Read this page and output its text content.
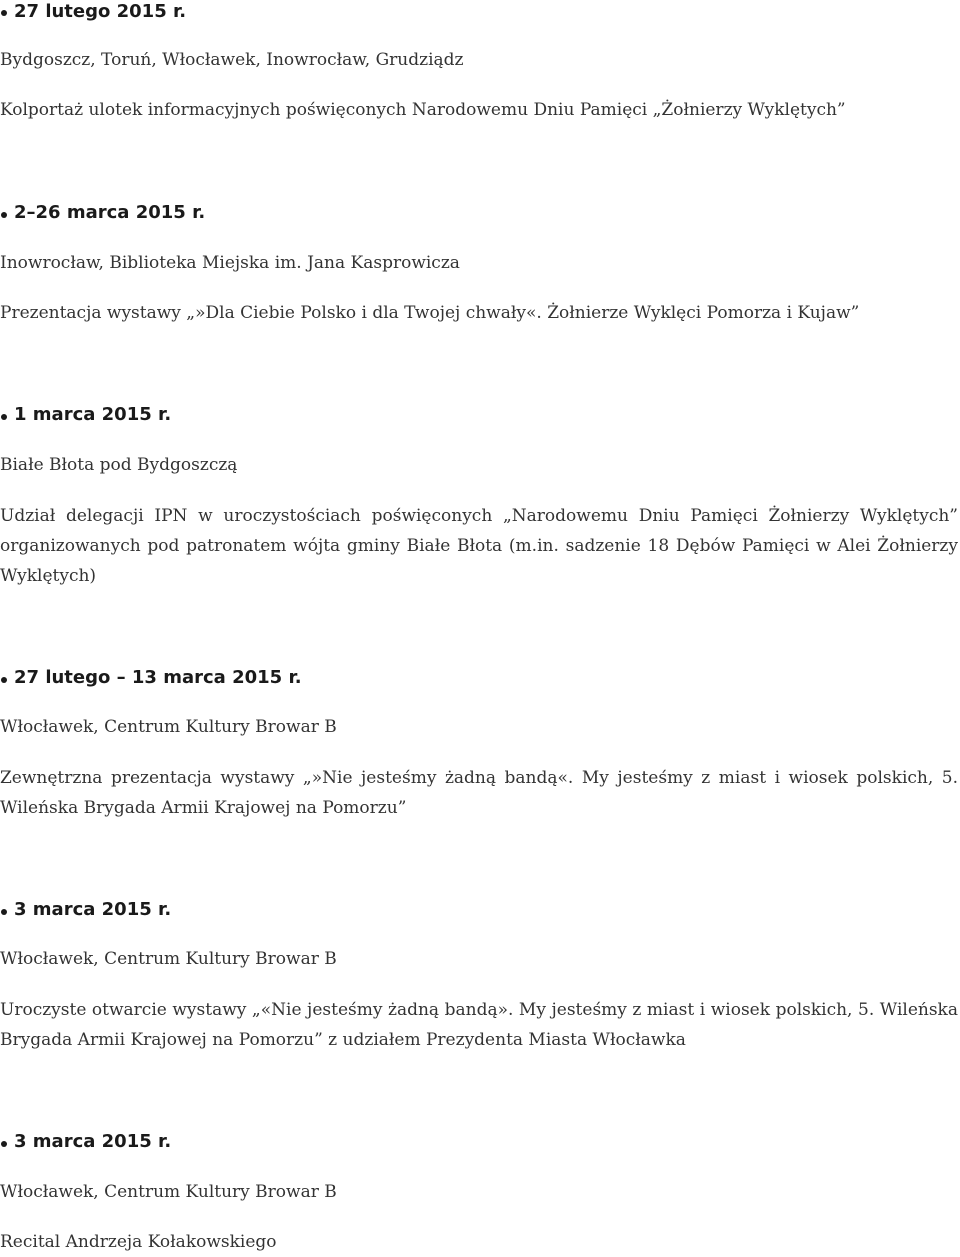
27 lutego 2015 r.
Bydgoszcz, Toruń, Włocławek, Inowrocław, Grudziądz
Kolportaż ulotek informacyjnych poświęconych Narodowemu Dniu Pamięci „Żołnierzy Wyklętych”
2–26 marca 2015 r.
Inowrocław, Biblioteka Miejska im. Jana Kasprowicza
Prezentacja wystawy „»Dla Ciebie Polsko i dla Twojej chwały«. Żołnierze Wyklęci Pomorza i Kujaw”
1 marca 2015 r.
Białe Błota pod Bydgoszczą
Udział delegacji IPN w uroczystościach poświęconych „Narodowemu Dniu Pamięci Żołnierzy Wyklętych” organizowanych pod patronatem wójta gminy Białe Błota (m.in. sadzenie 18 Dębów Pamięci w Alei Żołnierzy Wyklętych)
27 lutego – 13 marca 2015 r.
Włocławek, Centrum Kultury Browar B
Zewnętrzna prezentacja wystawy „»Nie jesteśmy żadną bandą«. My jesteśmy z miast i wiosek polskich, 5. Wileńska Brygada Armii Krajowej na Pomorzu”
3 marca 2015 r.
Włocławek, Centrum Kultury Browar B
Uroczyste otwarcie wystawy „«Nie jesteśmy żadną bandą». My jesteśmy z miast i wiosek polskich, 5. Wileńska Brygada Armii Krajowej na Pomorzu” z udziałem Prezydenta Miasta Włocławka
3 marca 2015 r.
Włocławek, Centrum Kultury Browar B
Recital Andrzeja Kołakowskiego
